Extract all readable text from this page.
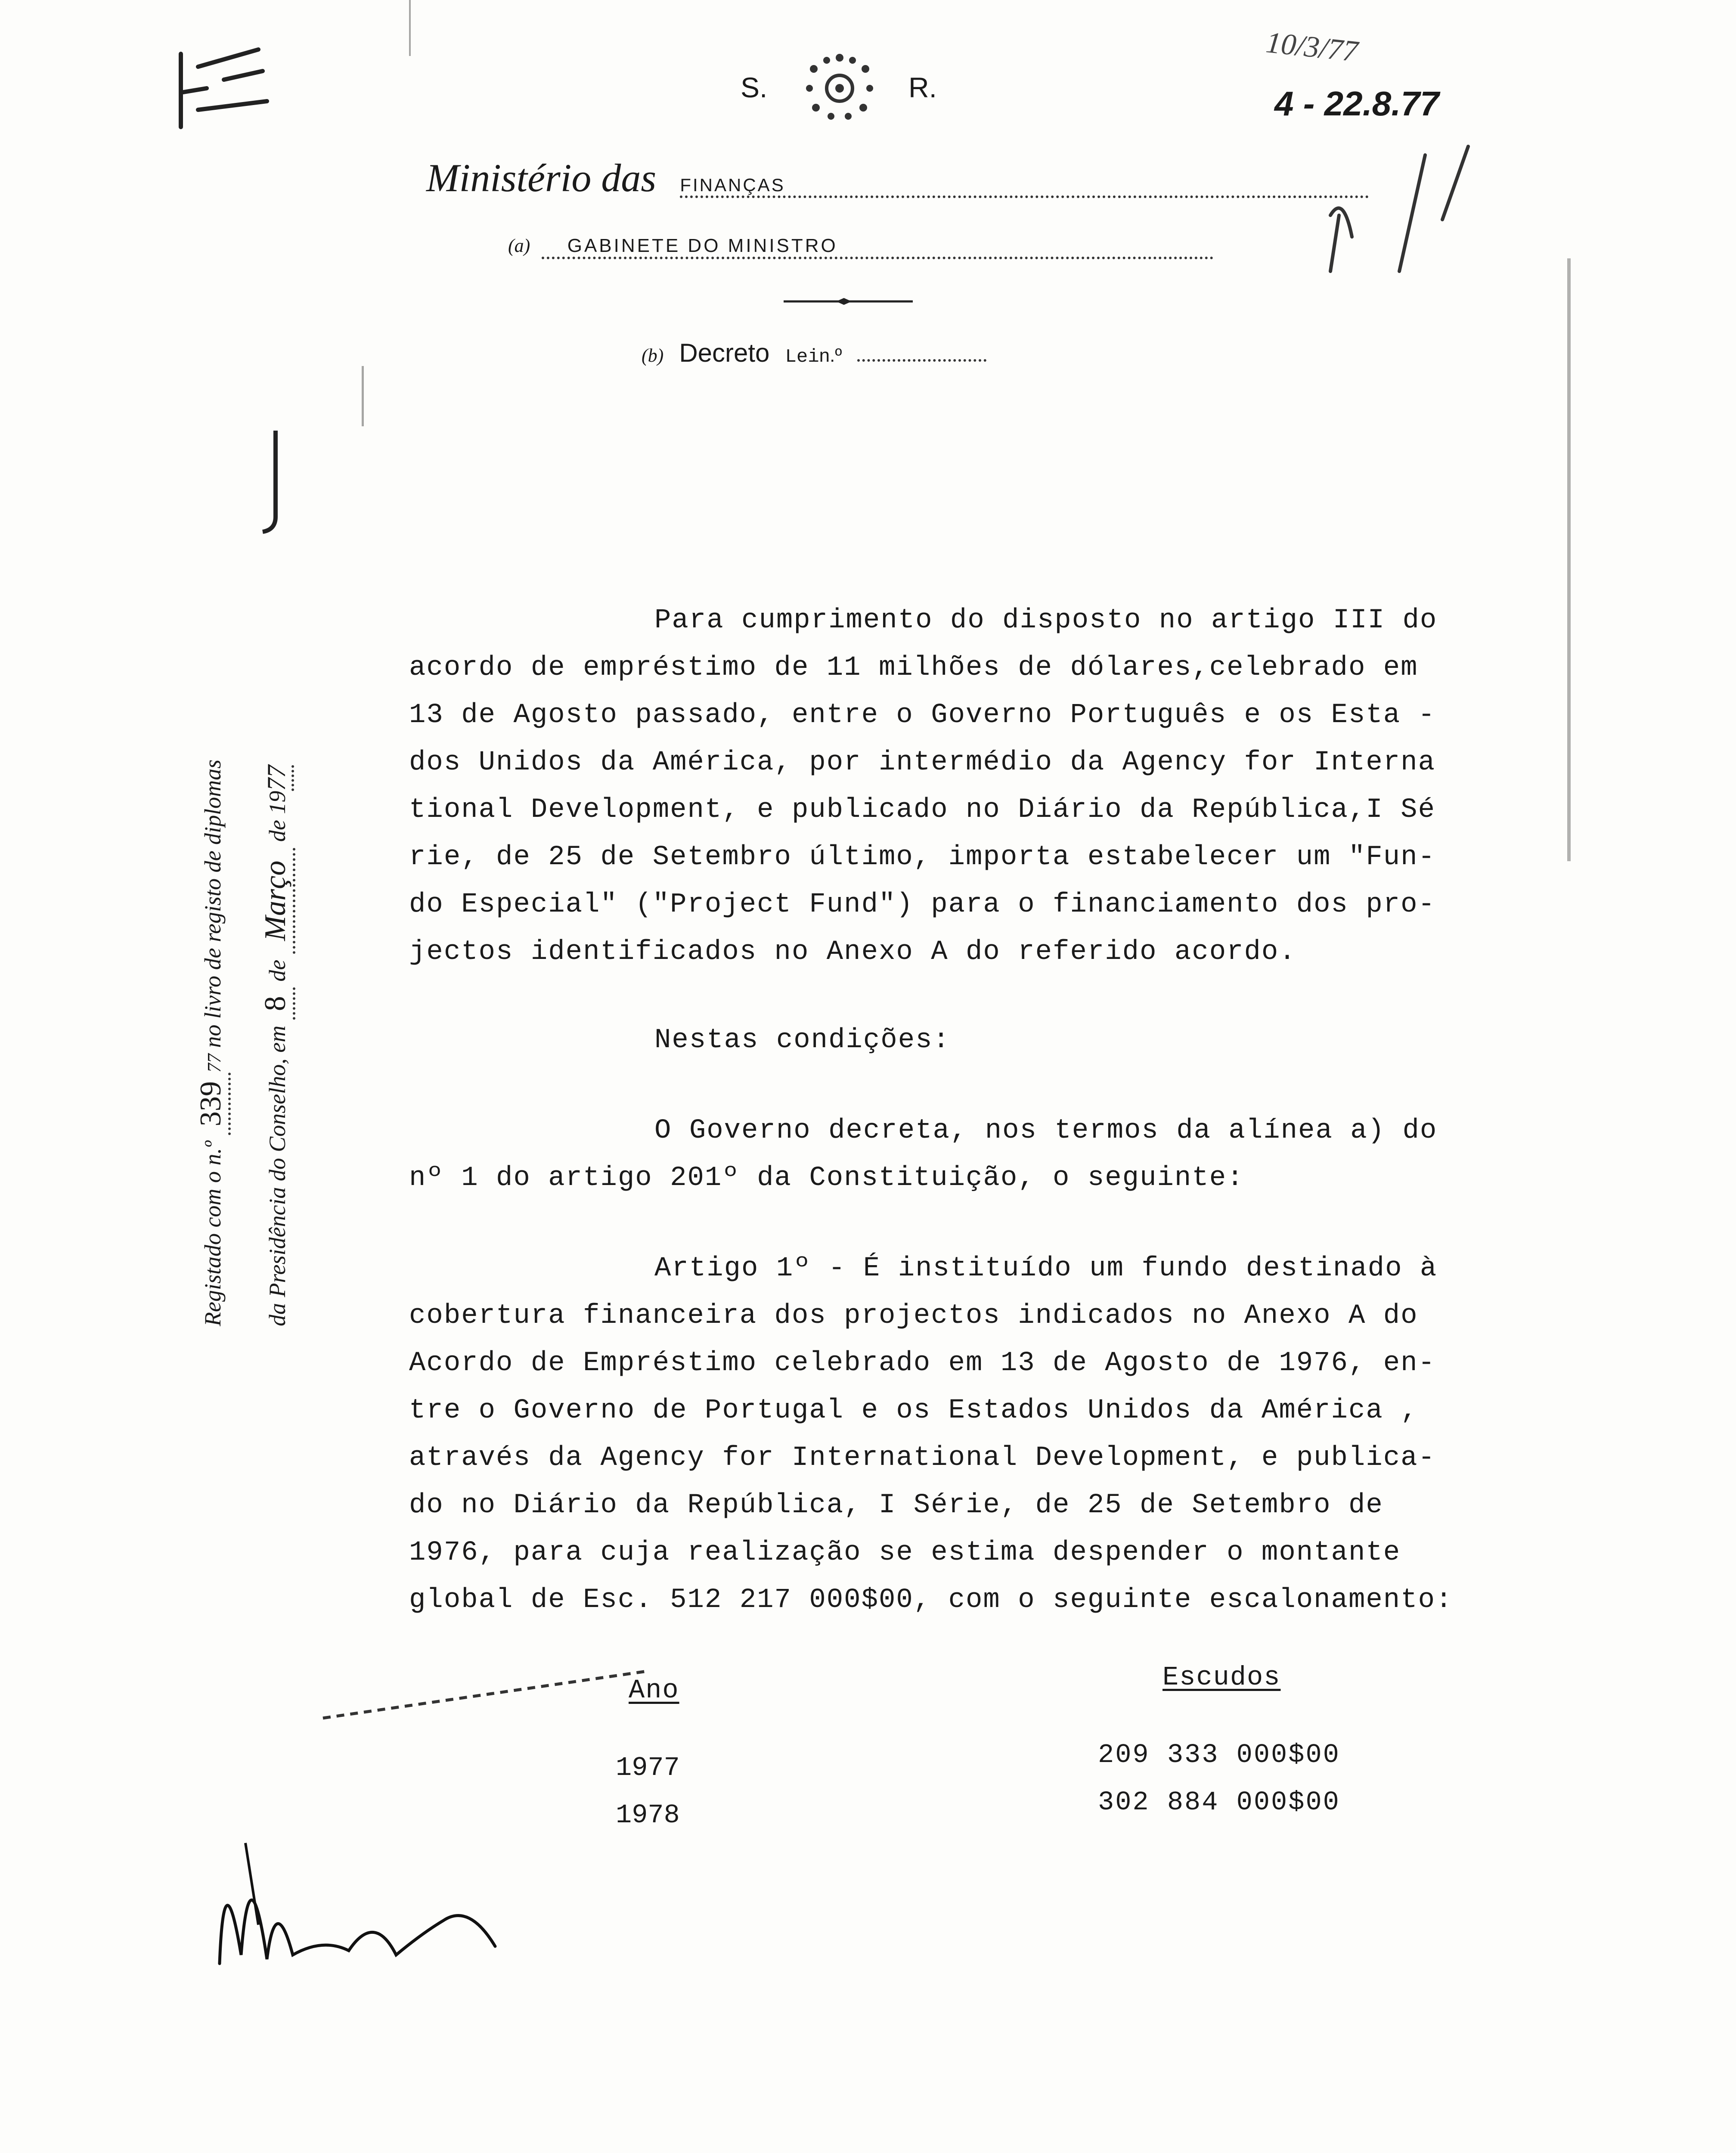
S.	R.
10/3/77
4 - 22.8.77
Ministério das FINANÇAS
(a) GABINETE DO MINISTRO
(b) Decreto Lein.º
Registado com o n.º 33977 no livro de registo de diplomas
da Presidência do Conselho, em 8 de Março de 1977
Para cumprimento do disposto no artigo III do
acordo de empréstimo de 11 milhões de dólares,celebrado em
13 de Agosto passado, entre o Governo Português e os Esta -
dos Unidos da América, por intermédio da Agency for Interna
tional Development, e publicado no Diário da República,I Sé
rie, de 25 de Setembro último, importa estabelecer um "Fun-
do Especial" ("Project Fund") para o financiamento dos pro-
jectos identificados no Anexo A do referido acordo.
Nestas condições:
O Governo decreta, nos termos da alínea a) do
nº 1 do artigo 201º da Constituição, o seguinte:
Artigo 1º - É instituído um fundo destinado à
cobertura financeira dos projectos indicados no Anexo A do
Acordo de Empréstimo celebrado em 13 de Agosto de 1976, en-
tre o Governo de Portugal e os Estados Unidos da América ,
através da Agency for International Development, e publica-
do no Diário da República, I Série, de 25 de Setembro de
1976, para cuja realização se estima despender o montante
global de Esc. 512 217 000$00, com o seguinte escalonamento:
Ano	Escudos
1977	209 333 000$00
1978	302 884 000$00
